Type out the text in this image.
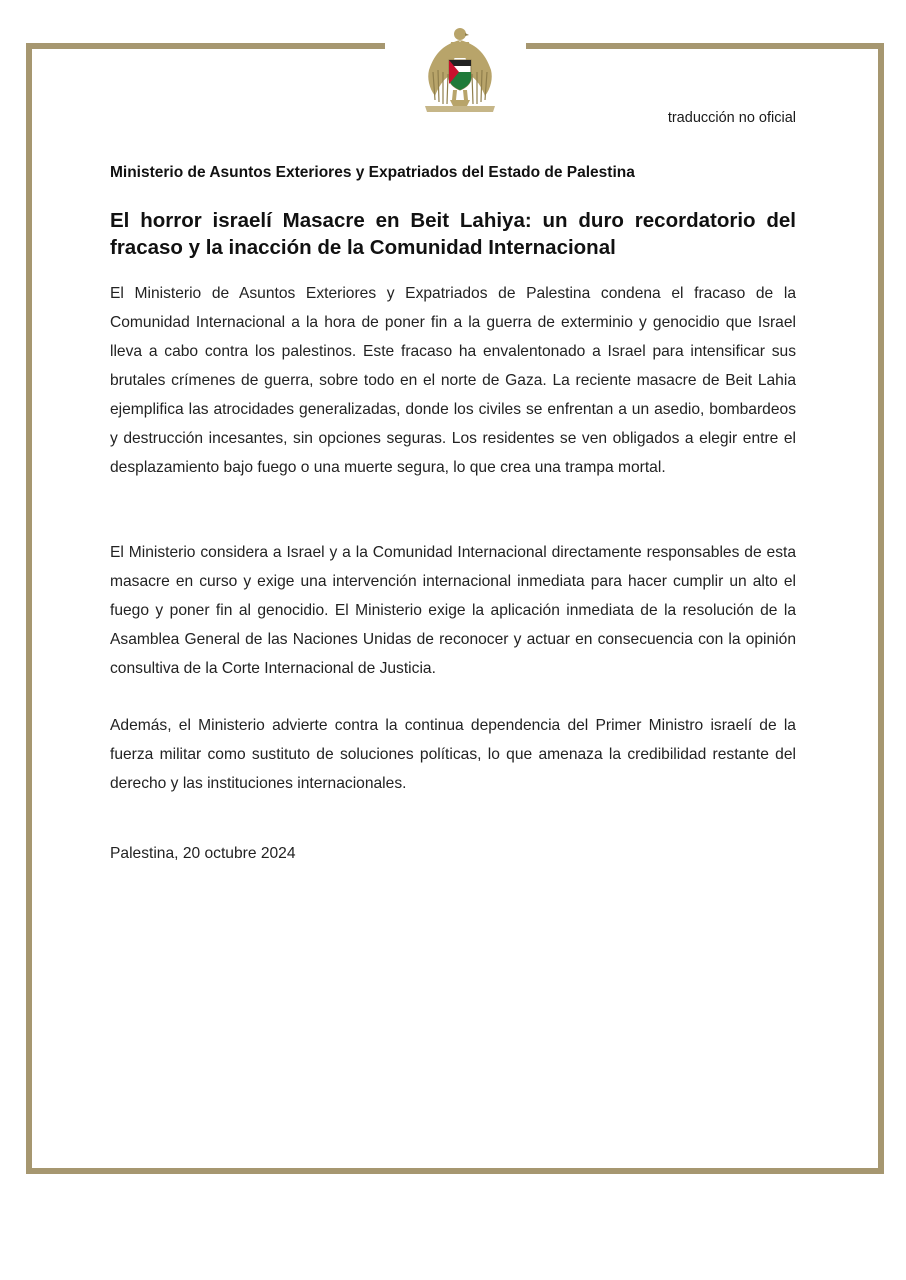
traducción no oficial
Ministerio de Asuntos Exteriores y Expatriados del Estado de Palestina
El horror israelí Masacre en Beit Lahiya: un duro recordatorio del fracaso y la inacción de la Comunidad Internacional

El Ministerio de Asuntos Exteriores y Expatriados de Palestina condena el fracaso de la Comunidad Internacional a la hora de poner fin a la guerra de exterminio y genocidio que Israel lleva a cabo contra los palestinos. Este fracaso ha envalentonado a Israel para intensificar sus brutales crímenes de guerra, sobre todo en el norte de Gaza. La reciente masacre de Beit Lahia ejemplifica las atrocidades generalizadas, donde los civiles se enfrentan a un asedio, bombardeos y destrucción incesantes, sin opciones seguras. Los residentes se ven obligados a elegir entre el desplazamiento bajo fuego o una muerte segura, lo que crea una trampa mortal.

El Ministerio considera a Israel y a la Comunidad Internacional directamente responsables de esta masacre en curso y exige una intervención internacional inmediata para hacer cumplir un alto el fuego y poner fin al genocidio. El Ministerio exige la aplicación inmediata de la resolución de la Asamblea General de las Naciones Unidas de reconocer y actuar en consecuencia con la opinión consultiva de la Corte Internacional de Justicia.

Además, el Ministerio advierte contra la continua dependencia del Primer Ministro israelí de la fuerza militar como sustituto de soluciones políticas, lo que amenaza la credibilidad restante del derecho y las instituciones internacionales.

Palestina, 20 octubre 2024
